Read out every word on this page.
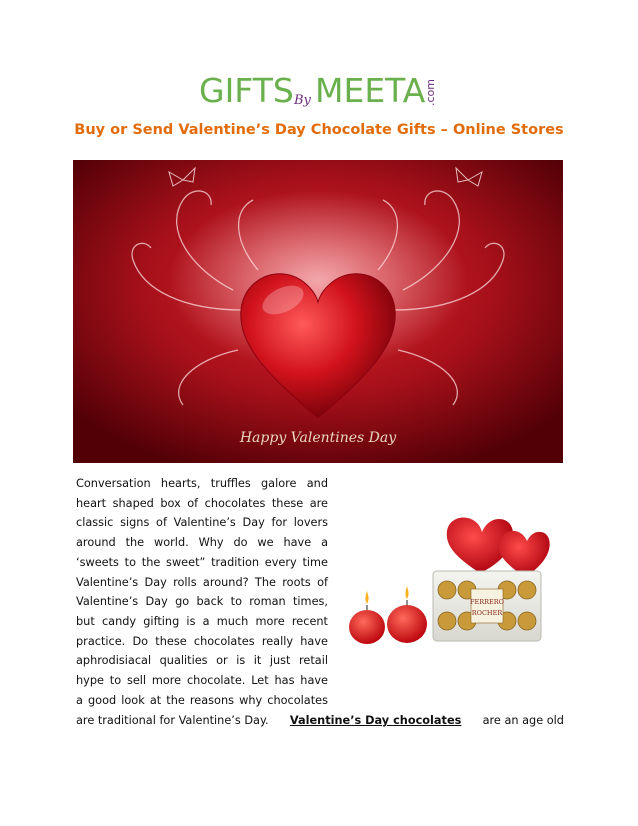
GIFTS By MEETA
.com
Buy or Send Valentine’s Day Chocolate Gifts – Online Stores
Happy Valentines Day
Conversation hearts, truffles galore and
heart shaped box of chocolates these are
classic signs of Valentine’s Day for lovers
around the world. Why do we have a
‘sweets to the sweet” tradition every time
Valentine’s Day rolls around? The roots of
Valentine’s Day go back to roman times,
but candy gifting is a much more recent
practice. Do these chocolates really have
aphrodisiacal qualities or is it just retail
hype to sell more chocolate. Let has have
a good look at the reasons why chocolates
are traditional for Valentine’s Day. Valentine’s Day chocolates are an age old
FERRERO
ROCHER
